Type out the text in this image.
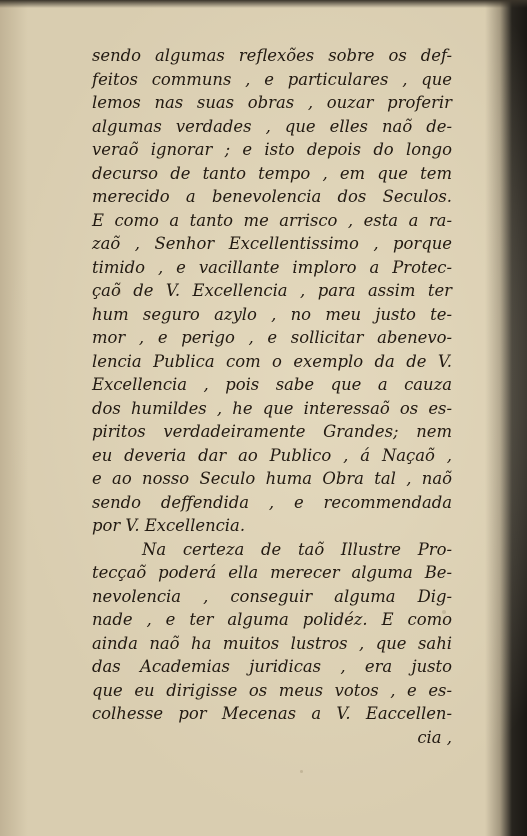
sendo algumas reflexões sobre os def-
feitos communs , e particulares , que
lemos nas suas obras , ouzar proferir
algumas verdades , que elles naõ de-
veraõ ignorar ; e isto depois do longo
decurso de tanto tempo , em que tem
merecido a benevolencia dos Seculos.
E como a tanto me arrisco , esta a ra-
zaõ , Senhor Excellentissimo , porque
timido , e vacillante imploro a Protec-
çaõ de V. Excellencia , para assim ter
hum seguro azylo , no meu justo te-
mor , e perigo , e sollicitar abenevo-
lencia Publica com o exemplo da de V.
Excellencia , pois sabe que a cauza
dos humildes , he que interessaõ os es-
piritos verdadeiramente Grandes; nem
eu deveria dar ao Publico , á Naçaõ ,
e ao nosso Seculo huma Obra tal , naõ
sendo deffendida , e recommendada
por V. Excellencia.
Na certeza de taõ Illustre Pro-
tecçaõ poderá ella merecer alguma Be-
nevolencia , conseguir alguma Dig-
nade , e ter alguma polidéz. E como
ainda naõ ha muitos lustros , que sahi
das Academias juridicas , era justo
que eu dirigisse os meus votos , e es-
colhesse por Mecenas a V. Eaccellen-
cia ,
